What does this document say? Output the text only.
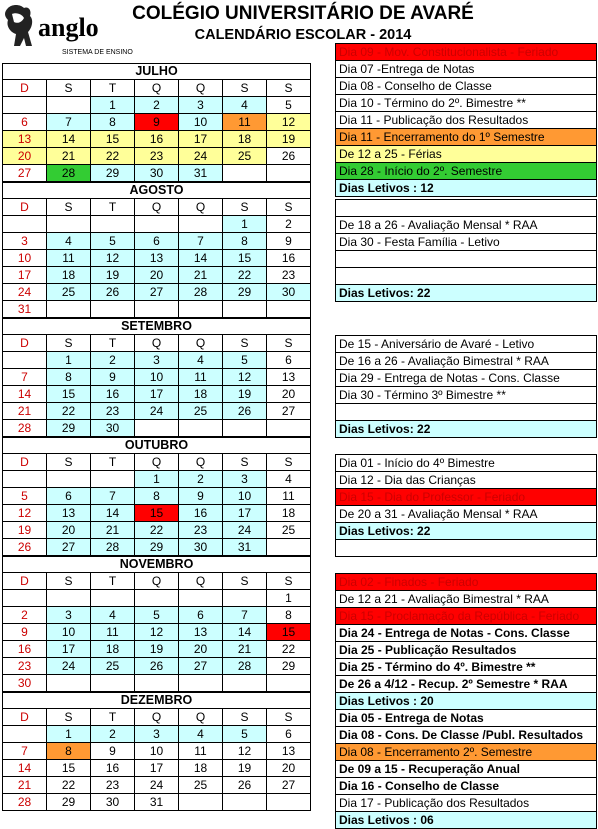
anglo
SISTEMA DE ENSINO
COLÉGIO UNIVERSITÁRIO DE AVARÉ
CALENDÁRIO ESCOLAR - 2014
JULHO						
D	S	T	Q	Q	S	S
		1	2	3	4	5
6	7	8	9	10	11	12
13	14	15	16	17	18	19
20	21	22	23	24	25	26
27	28	29	30	31		
Dia 09 - Mov. Constitucionalista - Feriado
Dia 07 -Entrega de Notas
Dia 08 - Conselho de Classe
Dia 10 - Término do 2º. Bimestre **
Dia 11 - Publicação dos Resultados
Dia 11 - Encerramento do 1º Semestre
De 12 a 25 - Férias
Dia 28 - Início do 2º. Semestre
Dias Letivos : 12
AGOSTO						
D	S	T	Q	Q	S	S
					1	2
3	4	5	6	7	8	9
10	11	12	13	14	15	16
17	18	19	20	21	22	23
24	25	26	27	28	29	30
31						

De 18 a 26 - Avaliação Mensal * RAA
Dia 30 - Festa Família - Letivo

Dias Letivos: 22
SETEMBRO						
D	S	T	Q	Q	S	S
	1	2	3	4	5	6
7	8	9	10	11	12	13
14	15	16	17	18	19	20
21	22	23	24	25	26	27
28	29	30				
De 15 - Aniversário de Avaré - Letivo
De 16 a 26 - Avaliação Bimestral * RAA
Dia 29 - Entrega de Notas - Cons. Classe
Dia 30 - Término 3º Bimestre **

Dias Letivos: 22
OUTUBRO						
D	S	T	Q	Q	S	S
			1	2	3	4
5	6	7	8	9	10	11
12	13	14	15	16	17	18
19	20	21	22	23	24	25
26	27	28	29	30	31	
Dia 01 - Início do 4º Bimestre
Dia 12 - Dia das Crianças
Dia 15 - Dia do Professor - Feriado
De 20 a 31 - Avaliação Mensal * RAA
Dias Letivos: 22

NOVEMBRO						
D	S	T	Q	Q	S	S
						1
2	3	4	5	6	7	8
9	10	11	12	13	14	15
16	17	18	19	20	21	22
23	24	25	26	27	28	29
30						
Dia 02 - Finados - Feriado
De 12 a 21 - Avaliação Bimestral * RAA
Dia 15 - Proclamação da República - Feriado
Dia 24 - Entrega de Notas - Cons. Classe
Dia 25 - Publicação Resultados
Dia 25 - Término do 4º. Bimestre **
De 26 a 4/12 - Recup. 2º Semestre * RAA
Dias Letivos : 20
DEZEMBRO						
D	S	T	Q	Q	S	S
	1	2	3	4	5	6
7	8	9	10	11	12	13
14	15	16	17	18	19	20
21	22	23	24	25	26	27
28	29	30	31			
Dia 05 - Entrega de Notas
Dia 08 - Cons. De Classe /Publ. Resultados
Dia 08 - Encerramento 2º. Semestre
De 09 a 15 - Recuperação Anual
Dia 16 - Conselho de Classe
Dia 17 - Publicação dos Resultados
Dias Letivos : 06
